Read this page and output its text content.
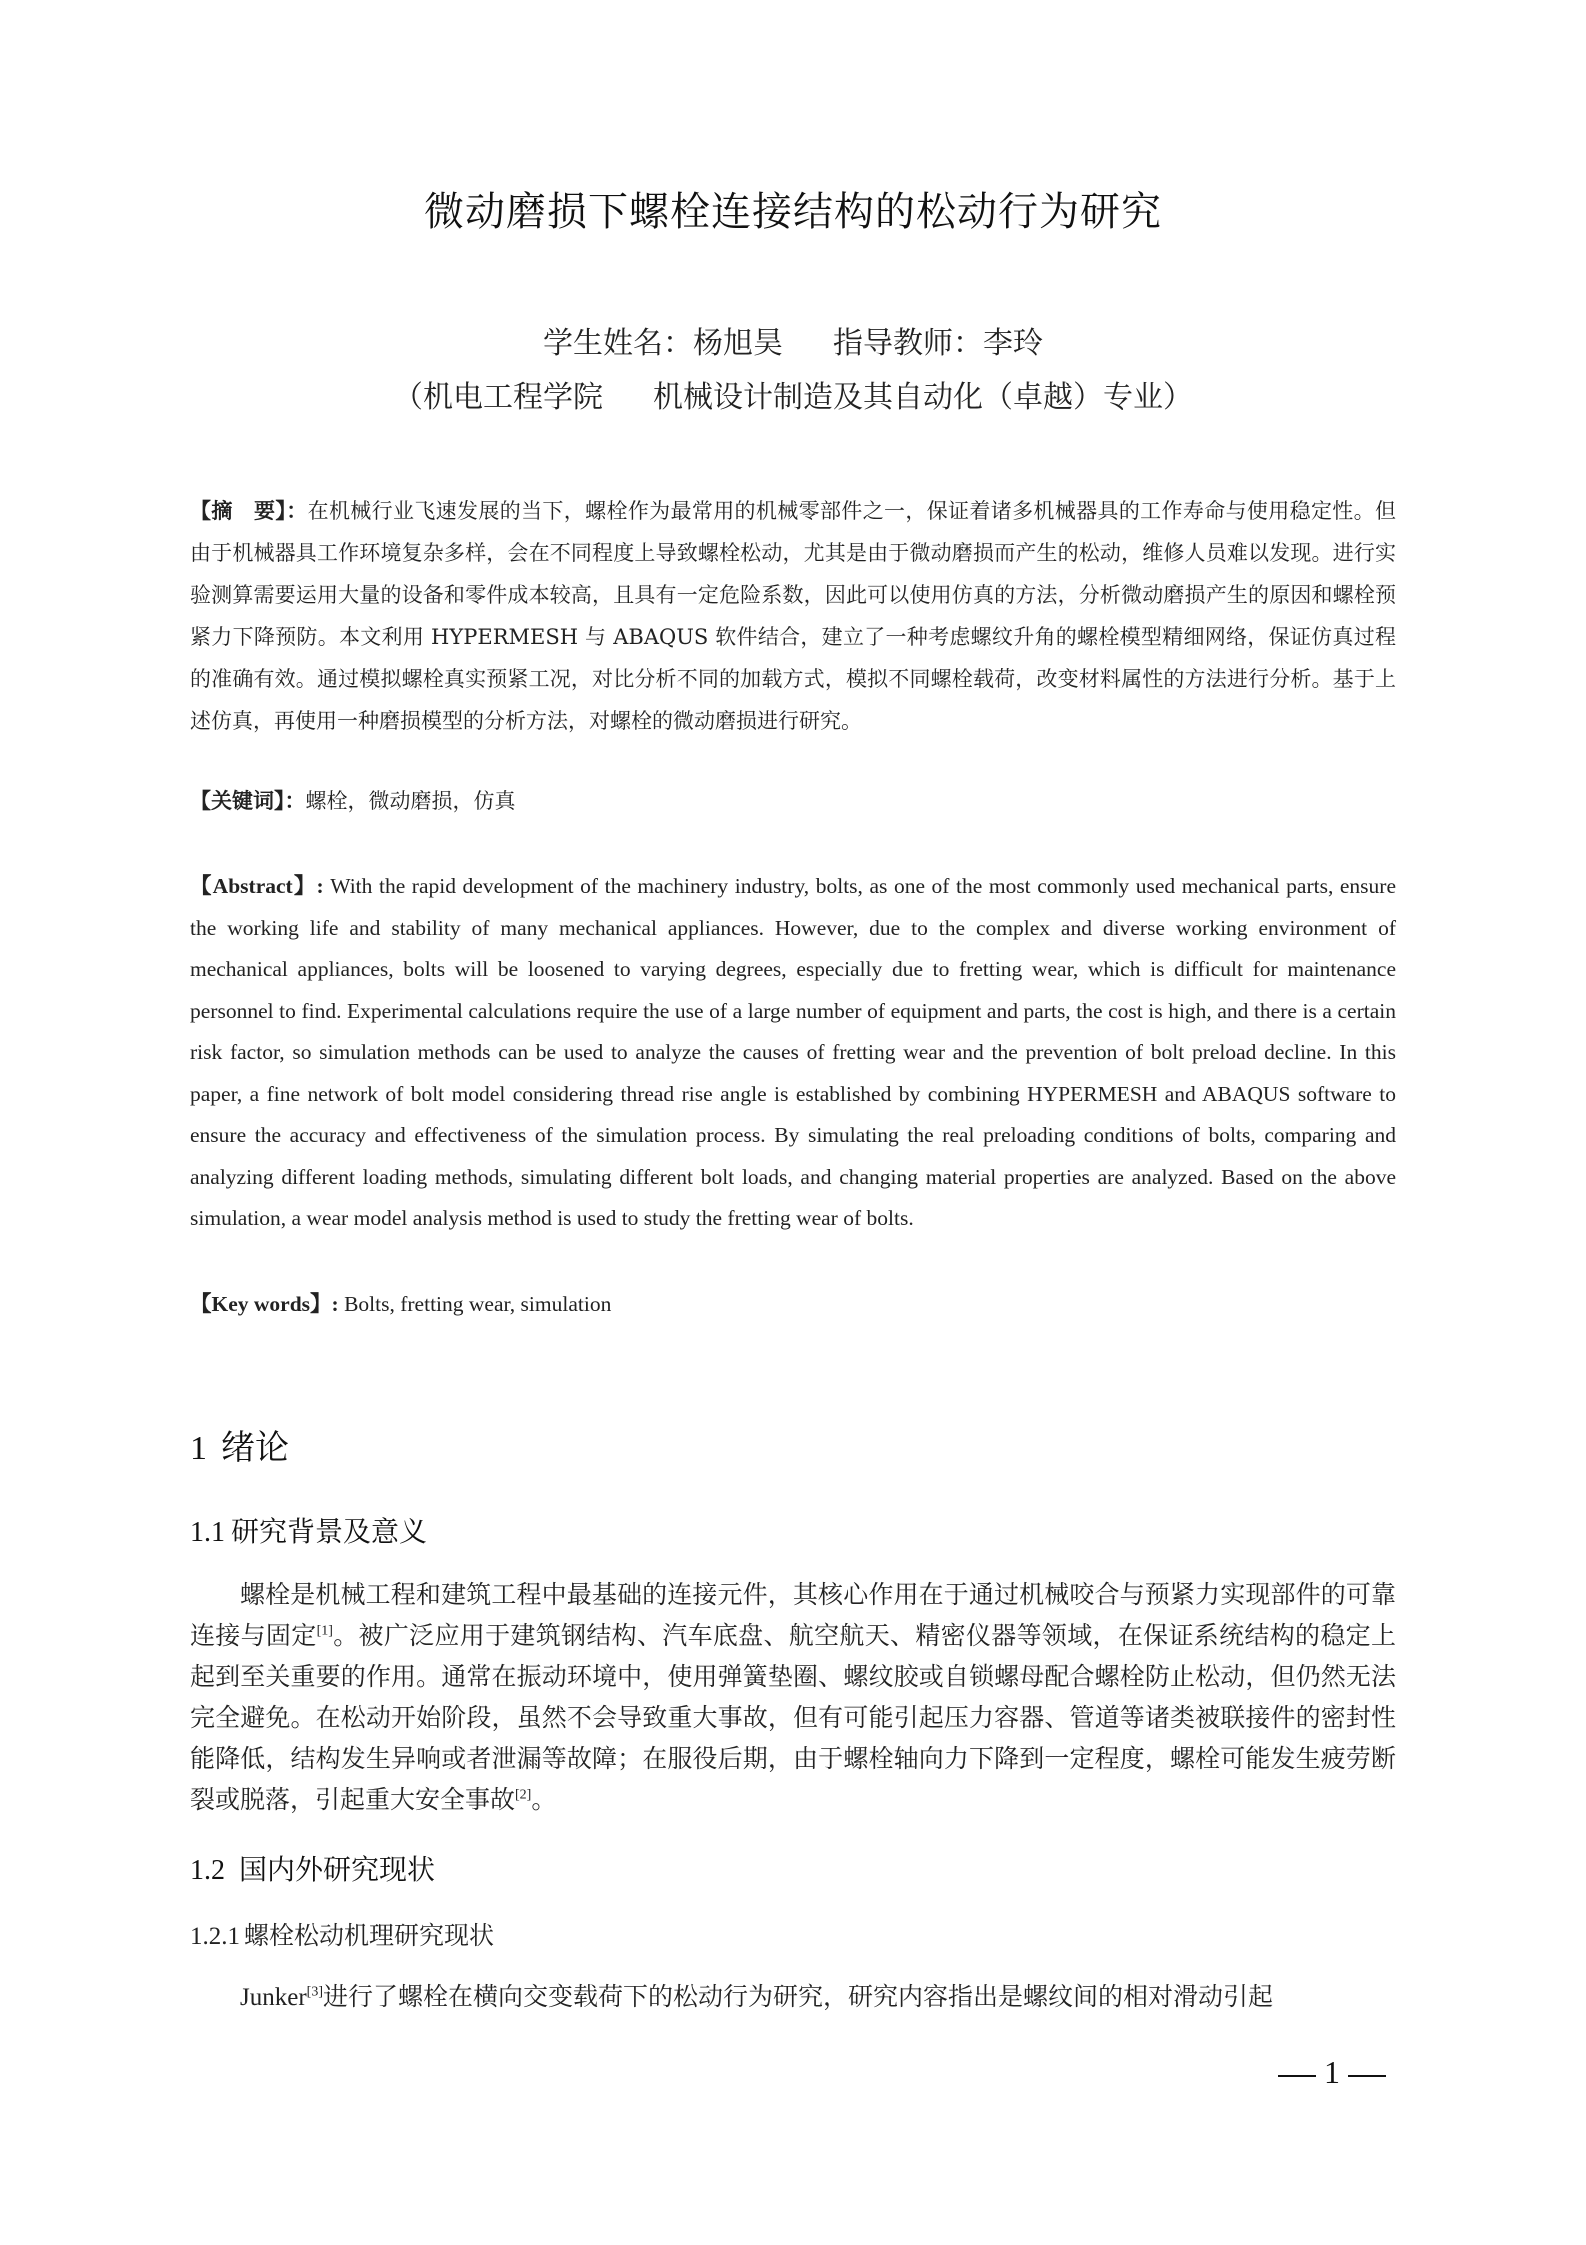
微动磨损下螺栓连接结构的松动行为研究
学生姓名：杨旭昊 指导教师：李玲
（机电工程学院 机械设计制造及其自动化（卓越）专业）
【摘　要】：在机械行业飞速发展的当下，螺栓作为最常用的机械零部件之一，保证着诸多机械器具的工作寿命与使用稳定性。但由于机械器具工作环境复杂多样，会在不同程度上导致螺栓松动，尤其是由于微动磨损而产生的松动，维修人员难以发现。进行实验测算需要运用大量的设备和零件成本较高，且具有一定危险系数，因此可以使用仿真的方法，分析微动磨损产生的原因和螺栓预紧力下降预防。本文利用 HYPERMESH 与 ABAQUS 软件结合，建立了一种考虑螺纹升角的螺栓模型精细网络，保证仿真过程的准确有效。通过模拟螺栓真实预紧工况，对比分析不同的加载方式，模拟不同螺栓载荷，改变材料属性的方法进行分析。基于上述仿真，再使用一种磨损模型的分析方法，对螺栓的微动磨损进行研究。
【关键词】：螺栓，微动磨损，仿真
【Abstract】: With the rapid development of the machinery industry, bolts, as one of the most commonly used mechanical parts, ensure the working life and stability of many mechanical appliances. However, due to the complex and diverse working environment of mechanical appliances, bolts will be loosened to varying degrees, especially due to fretting wear, which is difficult for maintenance personnel to find. Experimental calculations require the use of a large number of equipment and parts, the cost is high, and there is a certain risk factor, so simulation methods can be used to analyze the causes of fretting wear and the prevention of bolt preload decline. In this paper, a fine network of bolt model considering thread rise angle is established by combining HYPERMESH and ABAQUS software to ensure the accuracy and effectiveness of the simulation process. By simulating the real preloading conditions of bolts, comparing and analyzing different loading methods, simulating different bolt loads, and changing material properties are analyzed. Based on the above simulation, a wear model analysis method is used to study the fretting wear of bolts.
【Key words】: Bolts, fretting wear, simulation
1 绪论
1.1 研究背景及意义
螺栓是机械工程和建筑工程中最基础的连接元件，其核心作用在于通过机械咬合与预紧力实现部件的可靠连接与固定[1]。被广泛应用于建筑钢结构、汽车底盘、航空航天、精密仪器等领域，在保证系统结构的稳定上起到至关重要的作用。通常在振动环境中，使用弹簧垫圈、螺纹胶或自锁螺母配合螺栓防止松动，但仍然无法完全避免。在松动开始阶段，虽然不会导致重大事故，但有可能引起压力容器、管道等诸类被联接件的密封性能降低，结构发生异响或者泄漏等故障；在服役后期，由于螺栓轴向力下降到一定程度，螺栓可能发生疲劳断裂或脱落，引起重大安全事故[2]。
1.2 国内外研究现状
1.2.1 螺栓松动机理研究现状
Junker[3]进行了螺栓在横向交变载荷下的松动行为研究，研究内容指出是螺纹间的相对滑动引起
1
